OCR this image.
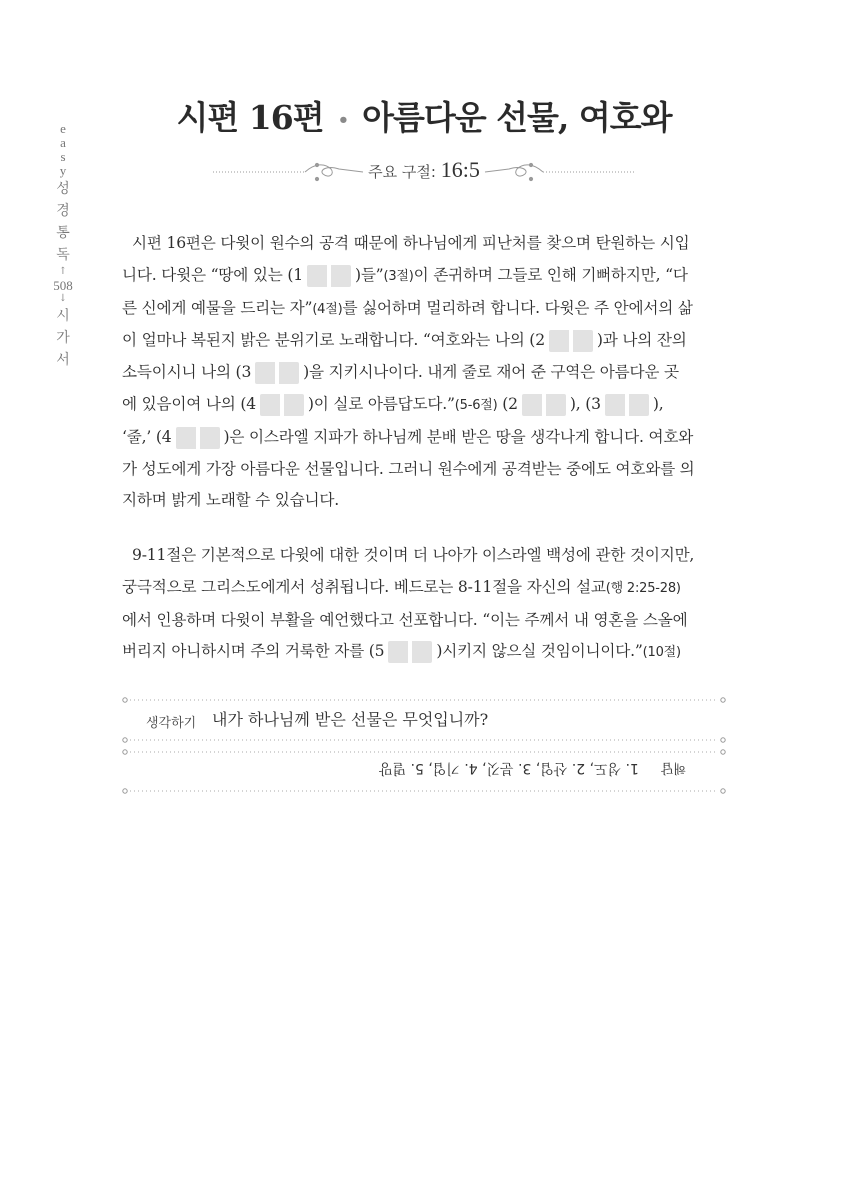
e
a
s
y
성
경
통
독
↑
508
↓
시
가
서
시편 16편 • 아름다운 선물, 여호와
주요 구절: 16:5
시편 16편은 다윗이 원수의 공격 때문에 하나님에게 피난처를 찾으며 탄원하는 시입
니다. 다윗은 “땅에 있는 (1	)들”(3절)이 존귀하며 그들로 인해 기뻐하지만, “다
른 신에게 예물을 드리는 자”(4절)를 싫어하며 멀리하려 합니다. 다윗은 주 안에서의 삶
이 얼마나 복된지 밝은 분위기로 노래합니다. “여호와는 나의 (2	)과 나의 잔의
소득이시니 나의 (3	)을 지키시나이다. 내게 줄로 재어 준 구역은 아름다운 곳
에 있음이여 나의 (4	)이 실로 아름답도다.”(5-6절) (2	), (3	),
‘줄,’ (4	)은 이스라엘 지파가 하나님께 분배 받은 땅을 생각나게 합니다. 여호와
가 성도에게 가장 아름다운 선물입니다. 그러니 원수에게 공격받는 중에도 여호와를 의
지하며 밝게 노래할 수 있습니다.
9-11절은 기본적으로 다윗에 대한 것이며 더 나아가 이스라엘 백성에 관한 것이지만,
궁극적으로 그리스도에게서 성취됩니다. 베드로는 8-11절을 자신의 설교(행 2:25-28)
에서 인용하며 다윗이 부활을 예언했다고 선포합니다. “이는 주께서 내 영혼을 스올에
버리지 아니하시며 주의 거룩한 자를 (5	)시키지 않으실 것임이니이다.”(10절)
생각하기 내가 하나님께 받은 선물은 무엇입니까?
해답1. 성도, 2. 산업, 3. 분깃, 4. 기업, 5. 멸망
